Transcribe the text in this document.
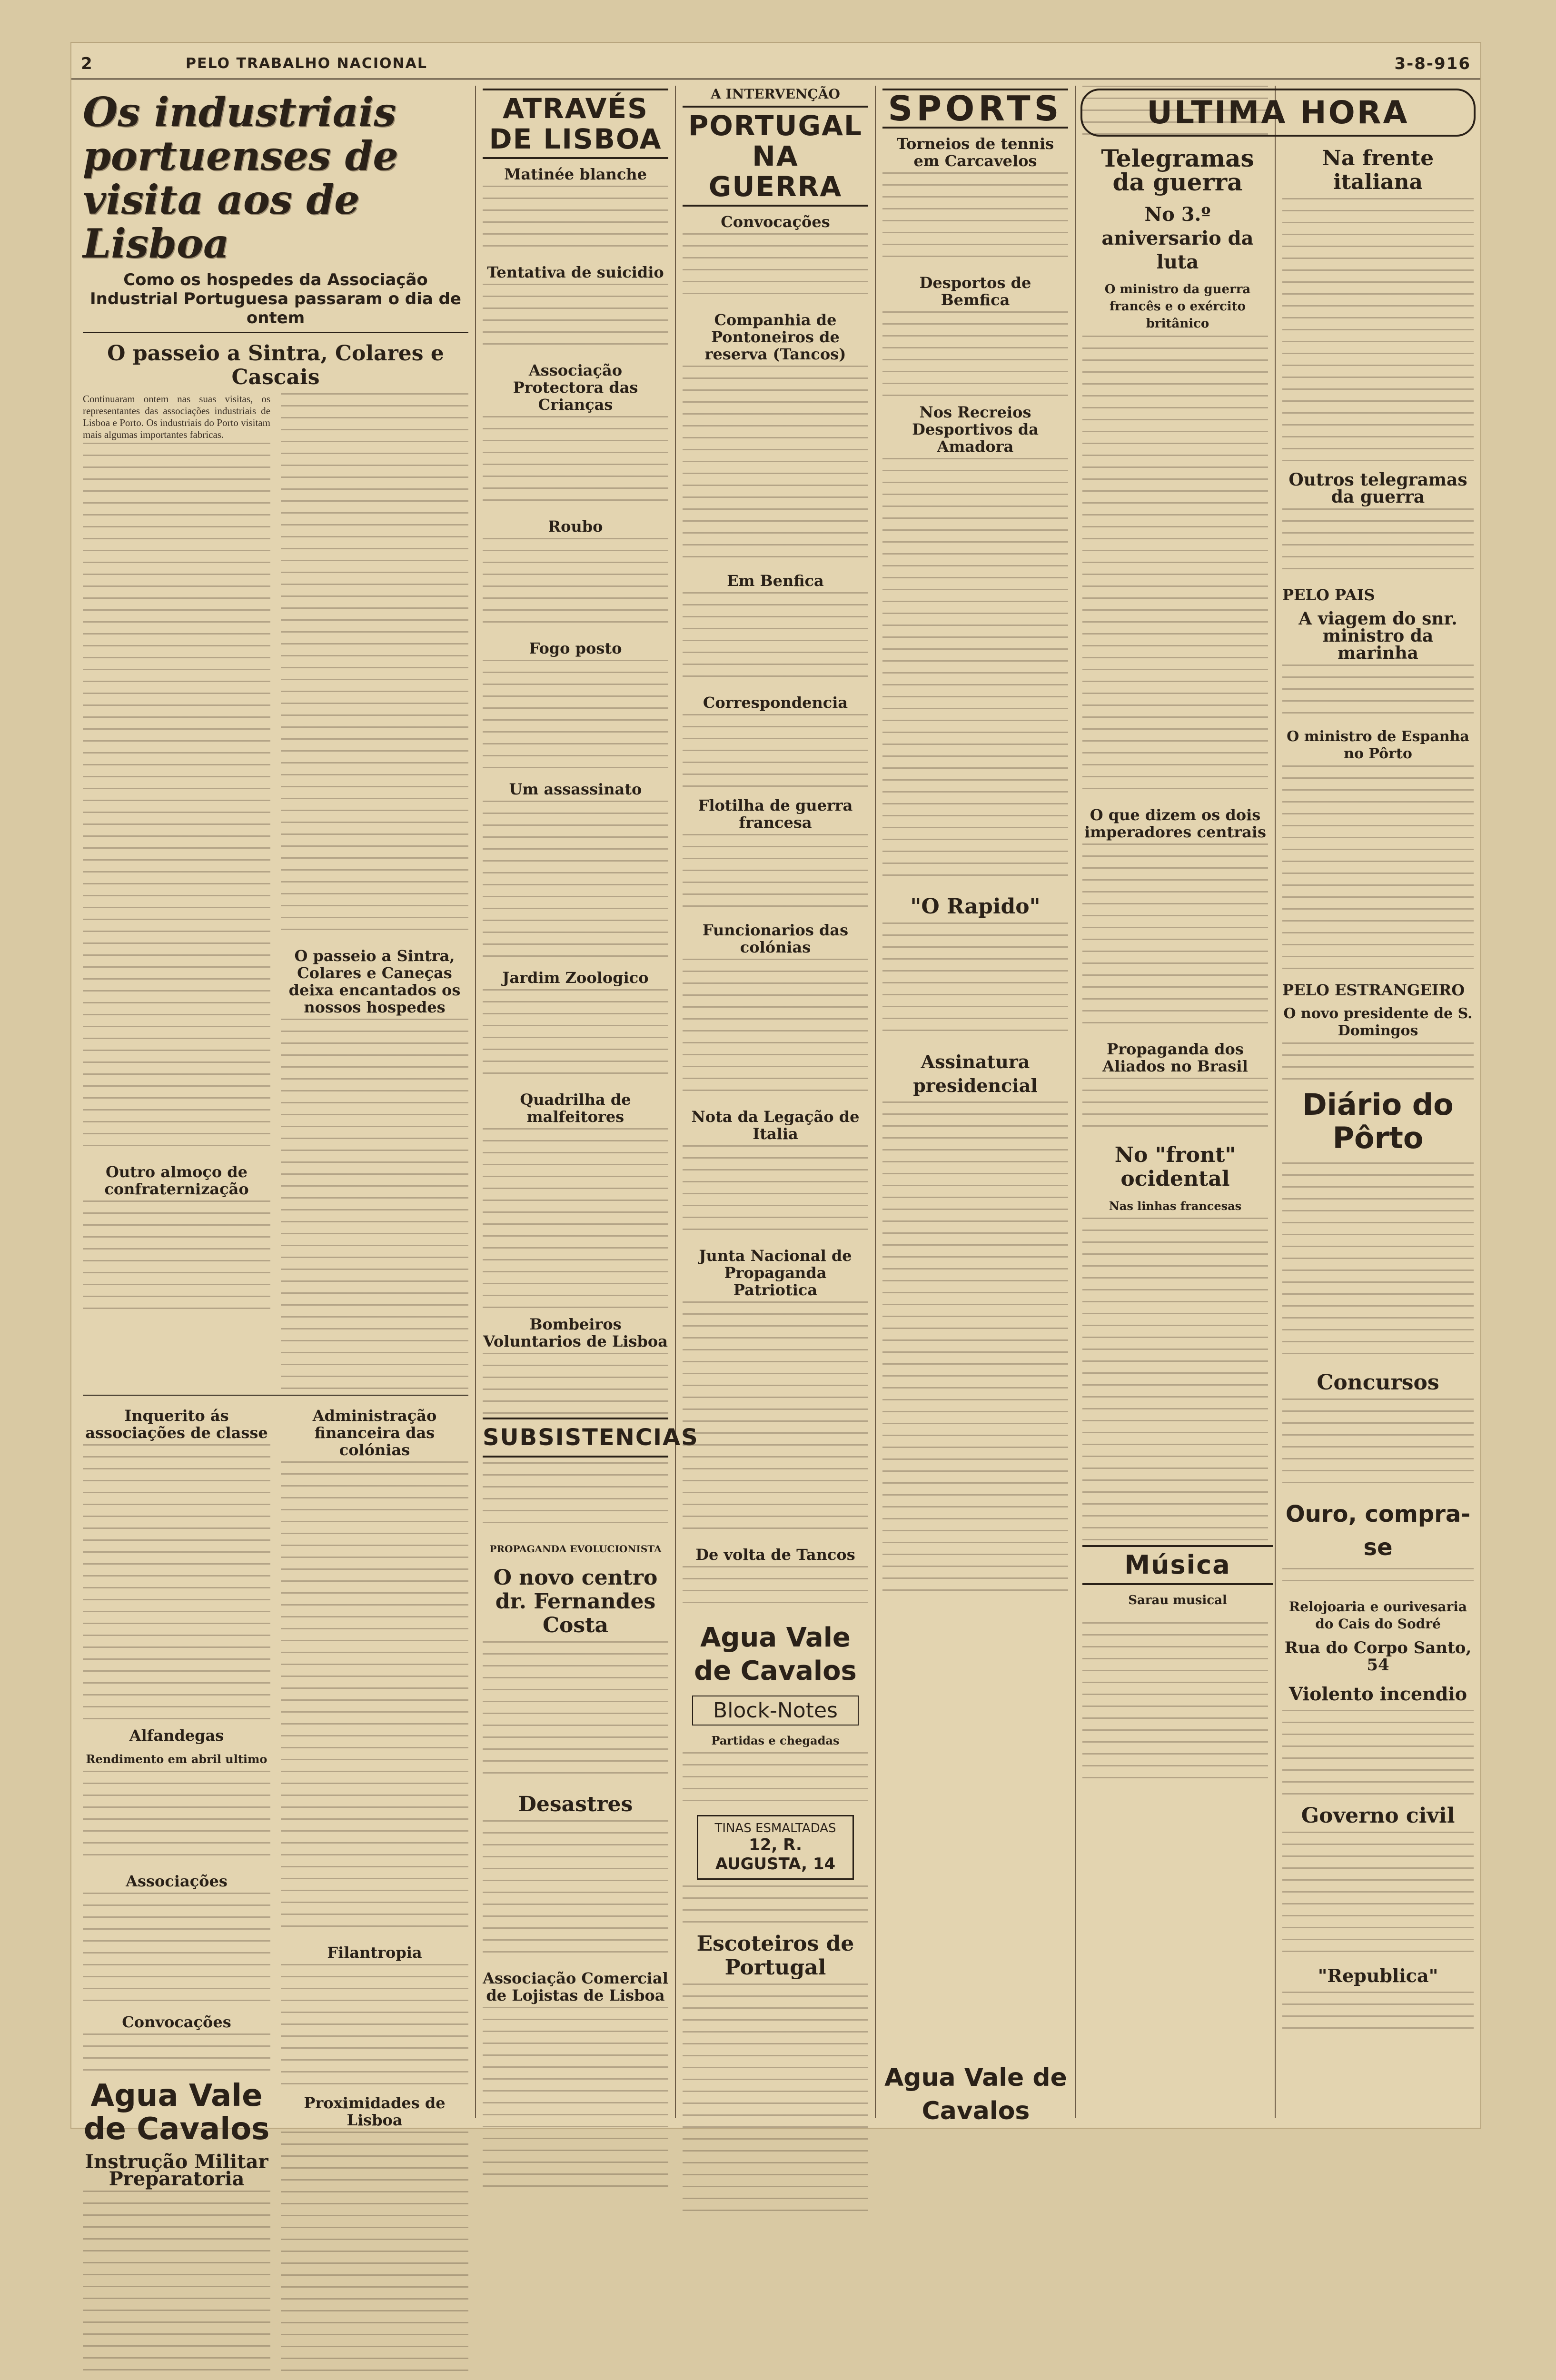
2	PELO TRABALHO NACIONAL	3-8-916
Os industriais portuenses de visita aos de Lisboa
Como os hospedes da Associação Industrial Portuguesa passaram o dia de ontem
O passeio a Sintra, Colares e Cascais

Continuaram ontem nas suas visitas, os representantes das associações industriais de Lisboa e Porto. Os industriais do Porto visitam mais algumas importantes fabricas.

Outro almoço de confraternização
O passeio a Sintra, Colares e Caneças deixa encantados os nossos hospedes
Inquerito ás associações de classe
Alfandegas
Rendimento em abril ultimo
Associações
Convocações
Agua Vale de Cavalos
Instrução Militar Preparatoria
Administração financeira das colónias
Filantropia
Proximidades de Lisboa
ATRAVÉS DE LISBOA
Matinée blanche
Tentativa de suicidio
Associação Protectora das Crianças
Roubo
Fogo posto
Um assassinato
Jardim Zoologico
Quadrilha de malfeitores
Bombeiros Voluntarios de Lisboa
SUBSISTENCIAS
PROPAGANDA EVOLUCIONISTA
O novo centro dr. Fernandes Costa
Desastres
Associação Comercial de Lojistas de Lisboa
A INTERVENÇÃO
PORTUGAL NA GUERRA
Convocações
Companhia de Pontoneiros de reserva (Tancos)
Em Benfica
Correspondencia
Flotilha de guerra francesa
Funcionarios das colónias
Nota da Legação de Italia
Junta Nacional de Propaganda Patriotica
De volta de Tancos
Agua Vale de Cavalos
Block-Notes
Partidas e chegadas
TINAS ESMALTADAS
12, R. AUGUSTA, 14
Escoteiros de Portugal
SPORTS
Torneios de tennis em Carcavelos
Desportos de Bemfica
Nos Recreios Desportivos da Amadora
"O Rapido"
Assinatura presidencial
O que dizem os dois imperadores centrais
Propaganda dos Aliados no Brasil
No "front" ocidental
Nas linhas francesas
ULTIMA HORA
Telegramas da guerra
No 3.º aniversario da luta
O ministro da guerra francês e o exército britânico
Na frente italiana
Outros telegramas da guerra
PELO PAIS
A viagem do snr. ministro da marinha
O ministro de Espanha no Pôrto
PELO ESTRANGEIRO
O novo presidente de S. Domingos
Diário do Pôrto
Concursos
Ouro, compra-se
Relojoaria e ourivesaria do Cais do Sodré
Rua do Corpo Santo, 54
Violento incendio
Governo civil
"Republica"
Agua Vale de Cavalos
Música
Sarau musical
